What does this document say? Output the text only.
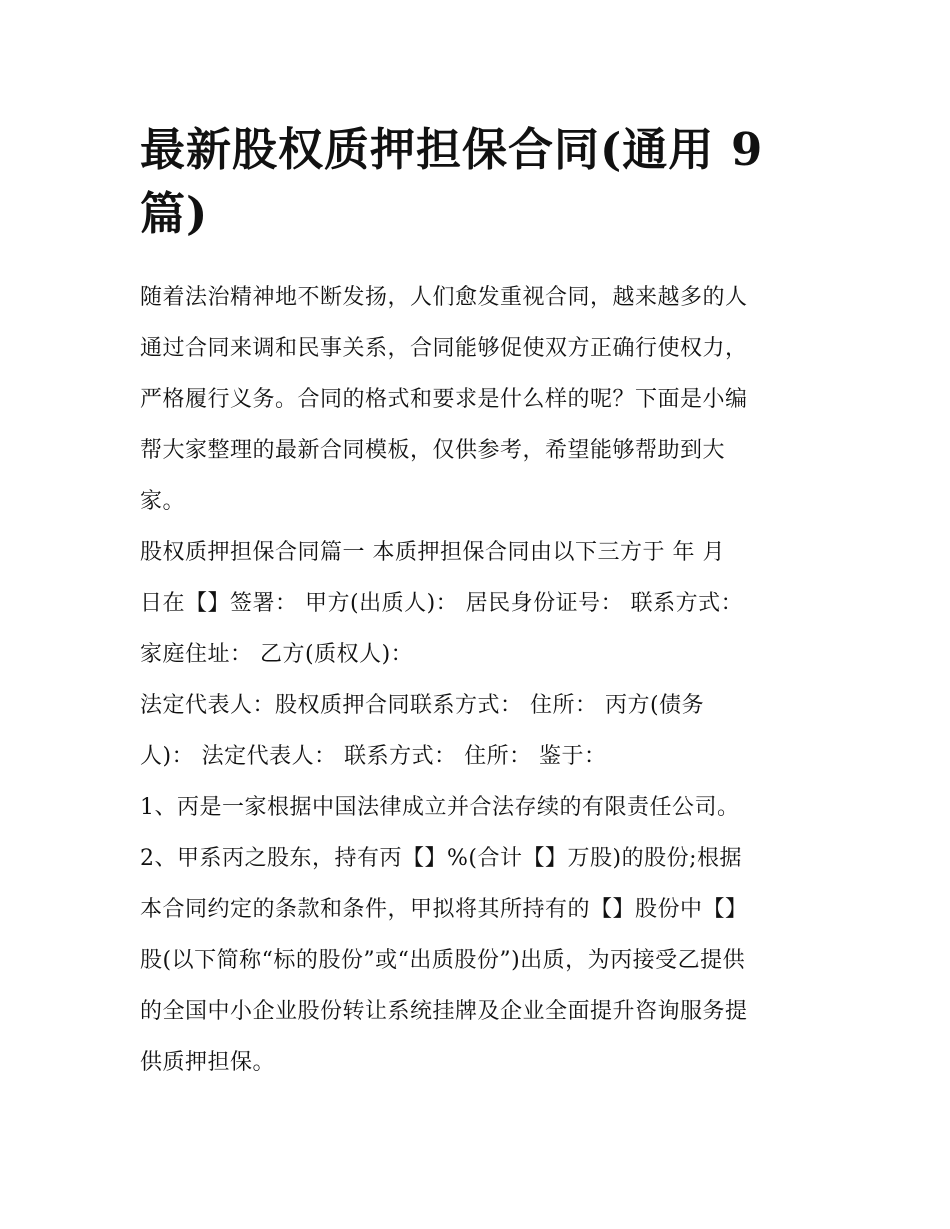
最新股权质押担保合同(通用 9
篇)

随着法治精神地不断发扬，人们愈发重视合同，越来越多的人
通过合同来调和民事关系，合同能够促使双方正确行使权力，
严格履行义务。合同的格式和要求是什么样的呢？下面是小编
帮大家整理的最新合同模板，仅供参考，希望能够帮助到大
家。

股权质押担保合同篇一 本质押担保合同由以下三方于 年 月
日在【】签署： 甲方(出质人)： 居民身份证号： 联系方式：
家庭住址： 乙方(质权人)：

法定代表人：股权质押合同联系方式： 住所： 丙方(债务
人)： 法定代表人： 联系方式： 住所： 鉴于：

1、丙是一家根据中国法律成立并合法存续的有限责任公司。

2、甲系丙之股东，持有丙【】%(合计【】万股)的股份;根据
本合同约定的条款和条件，甲拟将其所持有的【】股份中【】
股(以下简称“标的股份”或“出质股份”)出质，为丙接受乙提供
的全国中小企业股份转让系统挂牌及企业全面提升咨询服务提
供质押担保。
